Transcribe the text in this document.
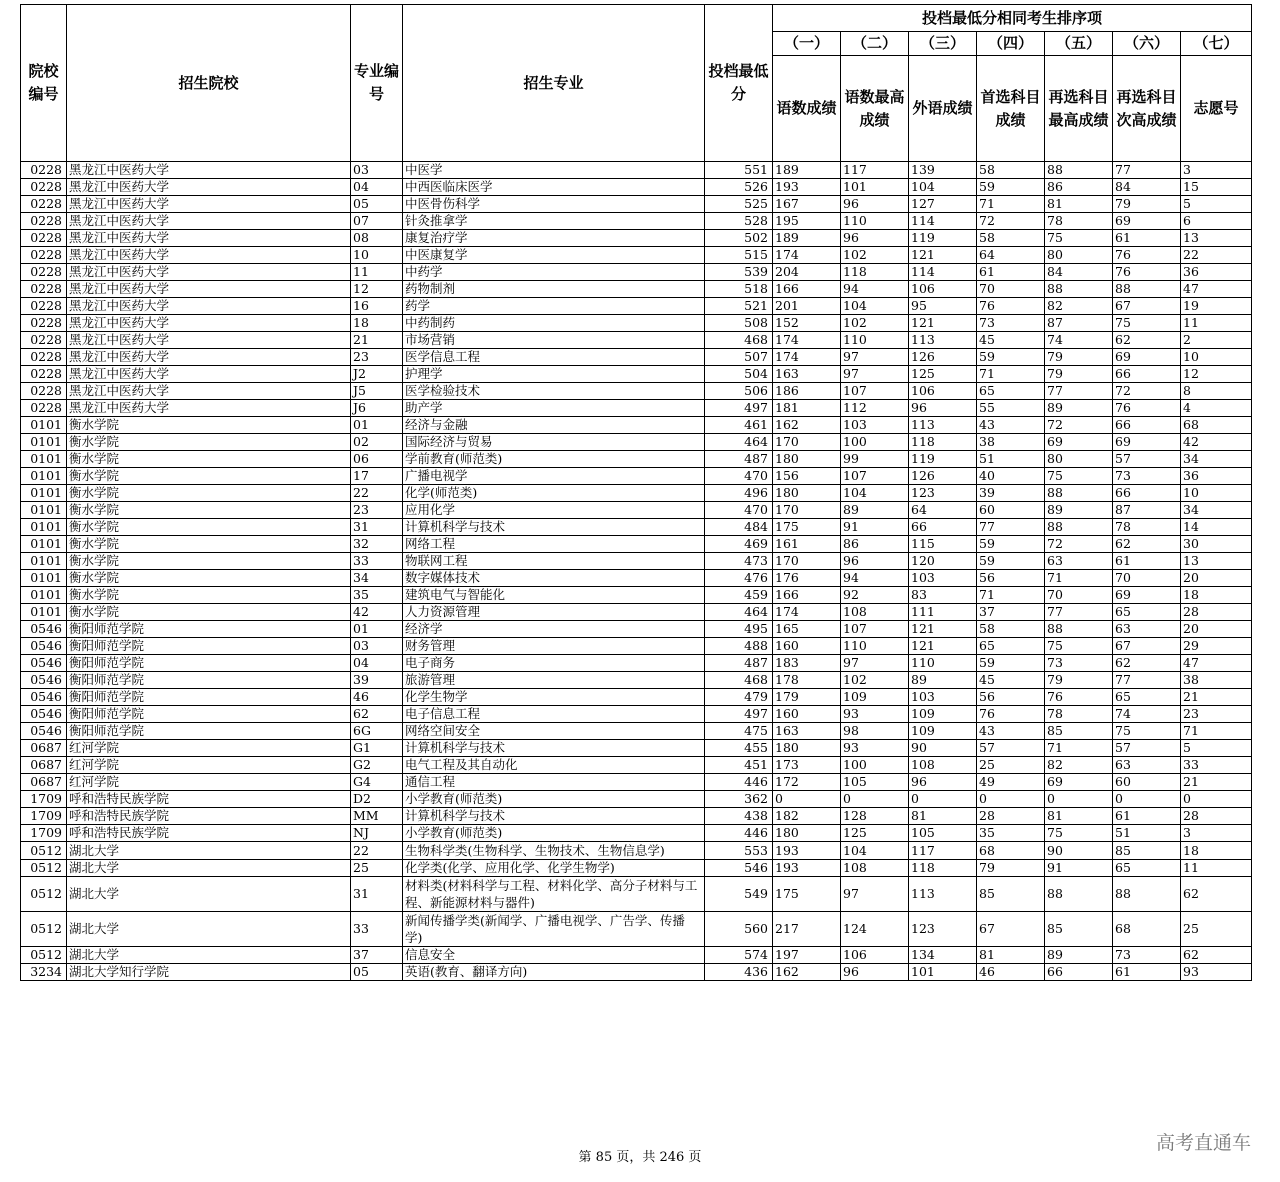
院校编号	招生院校	专业编号	招生专业	投档最低分	投档最低分相同考生排序项						
					（一）	（二）	（三）	（四）	（五）	（六）	（七）
					语数成绩	语数最高成绩	外语成绩	首选科目成绩	再选科目最高成绩	再选科目次高成绩	志愿号
0228	黑龙江中医药大学	03	中医学	551	189	117	139	58	88	77	3
0228	黑龙江中医药大学	04	中西医临床医学	526	193	101	104	59	86	84	15
0228	黑龙江中医药大学	05	中医骨伤科学	525	167	96	127	71	81	79	5
0228	黑龙江中医药大学	07	针灸推拿学	528	195	110	114	72	78	69	6
0228	黑龙江中医药大学	08	康复治疗学	502	189	96	119	58	75	61	13
0228	黑龙江中医药大学	10	中医康复学	515	174	102	121	64	80	76	22
0228	黑龙江中医药大学	11	中药学	539	204	118	114	61	84	76	36
0228	黑龙江中医药大学	12	药物制剂	518	166	94	106	70	88	88	47
0228	黑龙江中医药大学	16	药学	521	201	104	95	76	82	67	19
0228	黑龙江中医药大学	18	中药制药	508	152	102	121	73	87	75	11
0228	黑龙江中医药大学	21	市场营销	468	174	110	113	45	74	62	2
0228	黑龙江中医药大学	23	医学信息工程	507	174	97	126	59	79	69	10
0228	黑龙江中医药大学	J2	护理学	504	163	97	125	71	79	66	12
0228	黑龙江中医药大学	J5	医学检验技术	506	186	107	106	65	77	72	8
0228	黑龙江中医药大学	J6	助产学	497	181	112	96	55	89	76	4
0101	衡水学院	01	经济与金融	461	162	103	113	43	72	66	68
0101	衡水学院	02	国际经济与贸易	464	170	100	118	38	69	69	42
0101	衡水学院	06	学前教育(师范类)	487	180	99	119	51	80	57	34
0101	衡水学院	17	广播电视学	470	156	107	126	40	75	73	36
0101	衡水学院	22	化学(师范类)	496	180	104	123	39	88	66	10
0101	衡水学院	23	应用化学	470	170	89	64	60	89	87	34
0101	衡水学院	31	计算机科学与技术	484	175	91	66	77	88	78	14
0101	衡水学院	32	网络工程	469	161	86	115	59	72	62	30
0101	衡水学院	33	物联网工程	473	170	96	120	59	63	61	13
0101	衡水学院	34	数字媒体技术	476	176	94	103	56	71	70	20
0101	衡水学院	35	建筑电气与智能化	459	166	92	83	71	70	69	18
0101	衡水学院	42	人力资源管理	464	174	108	111	37	77	65	28
0546	衡阳师范学院	01	经济学	495	165	107	121	58	88	63	20
0546	衡阳师范学院	03	财务管理	488	160	110	121	65	75	67	29
0546	衡阳师范学院	04	电子商务	487	183	97	110	59	73	62	47
0546	衡阳师范学院	39	旅游管理	468	178	102	89	45	79	77	38
0546	衡阳师范学院	46	化学生物学	479	179	109	103	56	76	65	21
0546	衡阳师范学院	62	电子信息工程	497	160	93	109	76	78	74	23
0546	衡阳师范学院	6G	网络空间安全	475	163	98	109	43	85	75	71
0687	红河学院	G1	计算机科学与技术	455	180	93	90	57	71	57	5
0687	红河学院	G2	电气工程及其自动化	451	173	100	108	25	82	63	33
0687	红河学院	G4	通信工程	446	172	105	96	49	69	60	21
1709	呼和浩特民族学院	D2	小学教育(师范类)	362	0	0	0	0	0	0	0
1709	呼和浩特民族学院	MM	计算机科学与技术	438	182	128	81	28	81	61	28
1709	呼和浩特民族学院	NJ	小学教育(师范类)	446	180	125	105	35	75	51	3
0512	湖北大学	22	生物科学类(生物科学、生物技术、生物信息学)	553	193	104	117	68	90	85	18
0512	湖北大学	25	化学类(化学、应用化学、化学生物学)	546	193	108	118	79	91	65	11
0512	湖北大学	31	材料类(材料科学与工程、材料化学、高分子材料与工程、新能源材料与器件)	549	175	97	113	85	88	88	62
0512	湖北大学	33	新闻传播学类(新闻学、广播电视学、广告学、传播学)	560	217	124	123	67	85	68	25
0512	湖北大学	37	信息安全	574	197	106	134	81	89	73	62
3234	湖北大学知行学院	05	英语(教育、翻译方向)	436	162	96	101	46	66	61	93
第 85 页，共 246 页
高考直通车
